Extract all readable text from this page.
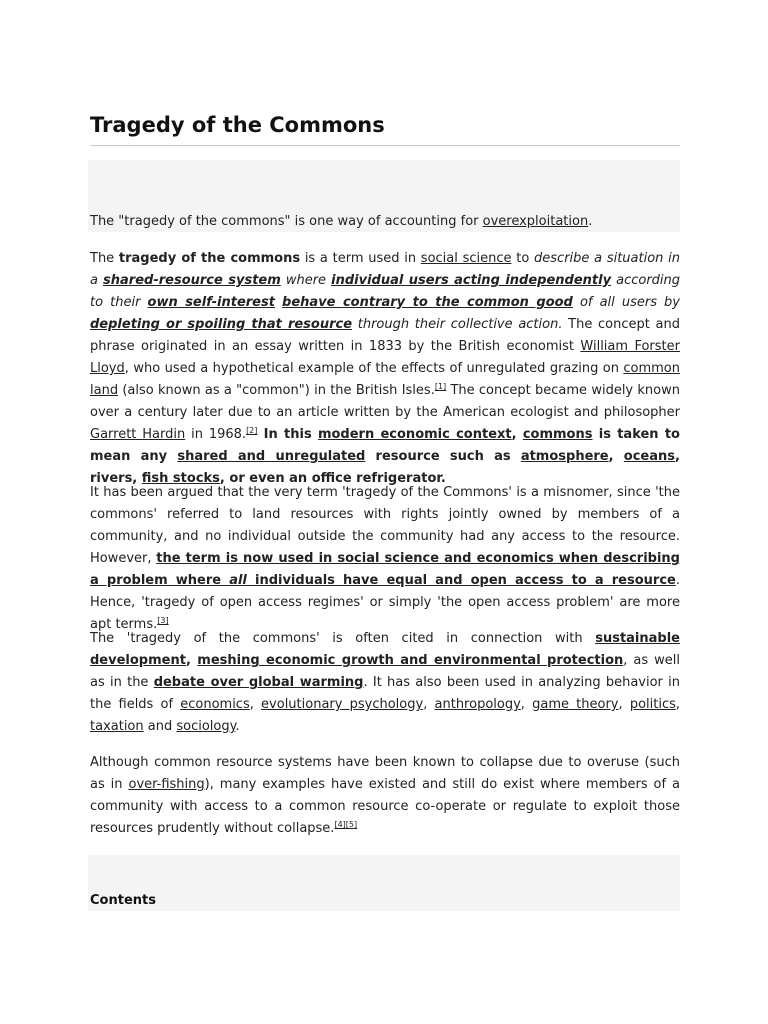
Tragedy of the Commons

The "tragedy of the commons" is one way of accounting for overexploitation.

The tragedy of the commons is a term used in social science to describe a situation in a shared-resource system where individual users acting independently according to their own self-interest behave contrary to the common good of all users by depleting or spoiling that resource through their collective action. The concept and phrase originated in an essay written in 1833 by the British economist William Forster Lloyd, who used a hypothetical example of the effects of unregulated grazing on common land (also known as a "common") in the British Isles.[1] The concept became widely known over a century later due to an article written by the American ecologist and philosopher Garrett Hardin in 1968.[2] In this modern economic context, commons is taken to mean any shared and unregulated resource such as atmosphere, oceans, rivers, fish stocks, or even an office refrigerator.

It has been argued that the very term 'tragedy of the Commons' is a misnomer, since 'the commons' referred to land resources with rights jointly owned by members of a community, and no individual outside the community had any access to the resource. However, the term is now used in social science and economics when describing a problem where all individuals have equal and open access to a resource. Hence, 'tragedy of open access regimes' or simply 'the open access problem' are more apt terms.[3]

The 'tragedy of the commons' is often cited in connection with sustainable development, meshing economic growth and environmental protection, as well as in the debate over global warming. It has also been used in analyzing behavior in the fields of economics, evolutionary psychology, anthropology, game theory, politics, taxation and sociology.

Although common resource systems have been known to collapse due to overuse (such as in over-fishing), many examples have existed and still do exist where members of a community with access to a common resource co-operate or regulate to exploit those resources prudently without collapse.[4][5]

Contents
